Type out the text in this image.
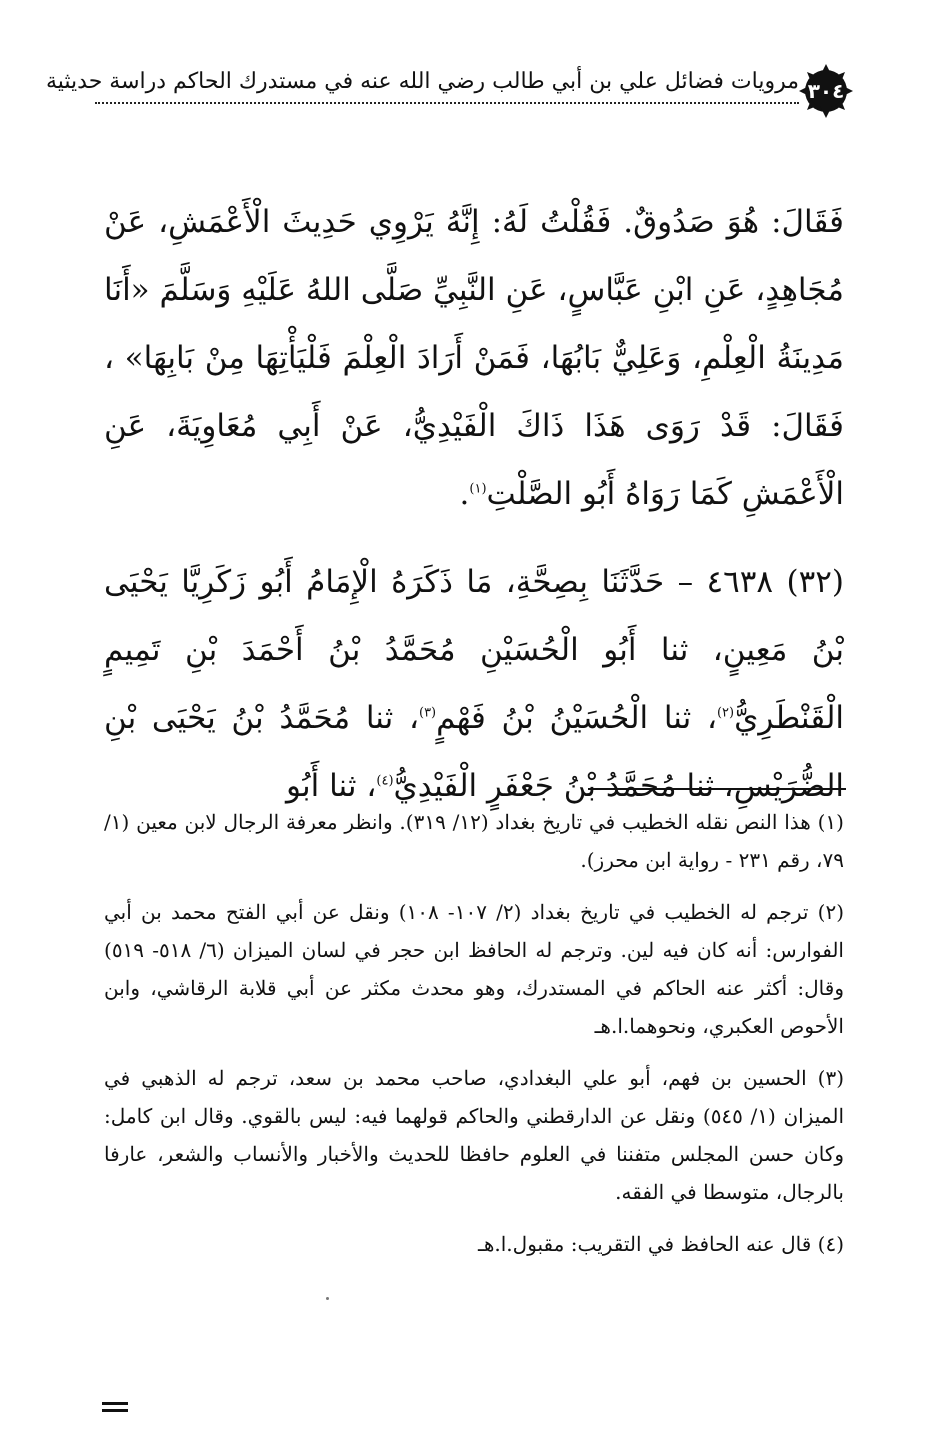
مرويات فضائل علي بن أبي طالب رضي الله عنه في مستدرك الحاكم دراسة حديثية ٣٠٤

فَقَالَ: هُوَ صَدُوقٌ. فَقُلْتُ لَهُ: إِنَّهُ يَرْوِي حَدِيثَ الْأَعْمَشِ، عَنْ مُجَاهِدٍ، عَنِ ابْنِ عَبَّاسٍ، عَنِ النَّبِيِّ صَلَّى اللهُ عَلَيْهِ وَسَلَّمَ «أَنَا مَدِينَةُ الْعِلْمِ، وَعَلِيٌّ بَابُهَا، فَمَنْ أَرَادَ الْعِلْمَ فَلْيَأْتِهَا مِنْ بَابِهَا» ، فَقَالَ: قَدْ رَوَى هَذَا ذَاكَ الْفَيْدِيُّ، عَنْ أَبِي مُعَاوِيَةَ، عَنِ الْأَعْمَشِ كَمَا رَوَاهُ أَبُو الصَّلْتِ$^{(١)}$.

(٣٢) ٤٦٣٨ – حَدَّثَنَا بِصِحَّةِ، مَا ذَكَرَهُ الْإِمَامُ أَبُو زَكَرِيَّا يَحْيَى بْنُ مَعِينٍ، ثنا أَبُو الْحُسَيْنِ مُحَمَّدُ بْنُ أَحْمَدَ بْنِ تَمِيمٍ الْقَنْطَرِيُّ$^{(٢)}$، ثنا الْحُسَيْنُ بْنُ فَهْمٍ$^{(٣)}$، ثنا مُحَمَّدُ بْنُ يَحْيَى بْنِ الضُّرَيْسِ، ثنا مُحَمَّدُ بْنُ جَعْفَرٍ الْفَيْدِيُّ$^{(٤)}$، ثنا أَبُو

(١) هذا النص نقله الخطيب في تاريخ بغداد (١٢/ ٣١٩). وانظر معرفة الرجال لابن معين (١/ ٧٩، رقم ٢٣١ - رواية ابن محرز).

(٢) ترجم له الخطيب في تاريخ بغداد (٢/ ١٠٧- ١٠٨) ونقل عن أبي الفتح محمد بن أبي الفوارس: أنه كان فيه لين. وترجم له الحافظ ابن حجر في لسان الميزان (٦/ ٥١٨- ٥١٩) وقال: أكثر عنه الحاكم في المستدرك، وهو محدث مكثر عن أبي قلابة الرقاشي، وابن الأحوص العكبري، ونحوهما.ا.هـ

(٣) الحسين بن فهم، أبو علي البغدادي، صاحب محمد بن سعد، ترجم له الذهبي في الميزان (١/ ٥٤٥) ونقل عن الدارقطني والحاكم قولهما فيه: ليس بالقوي. وقال ابن كامل: وكان حسن المجلس متفننا في العلوم حافظا للحديث والأخبار والأنساب والشعر، عارفا بالرجال، متوسطا في الفقه.

(٤) قال عنه الحافظ في التقريب: مقبول.ا.هـ
